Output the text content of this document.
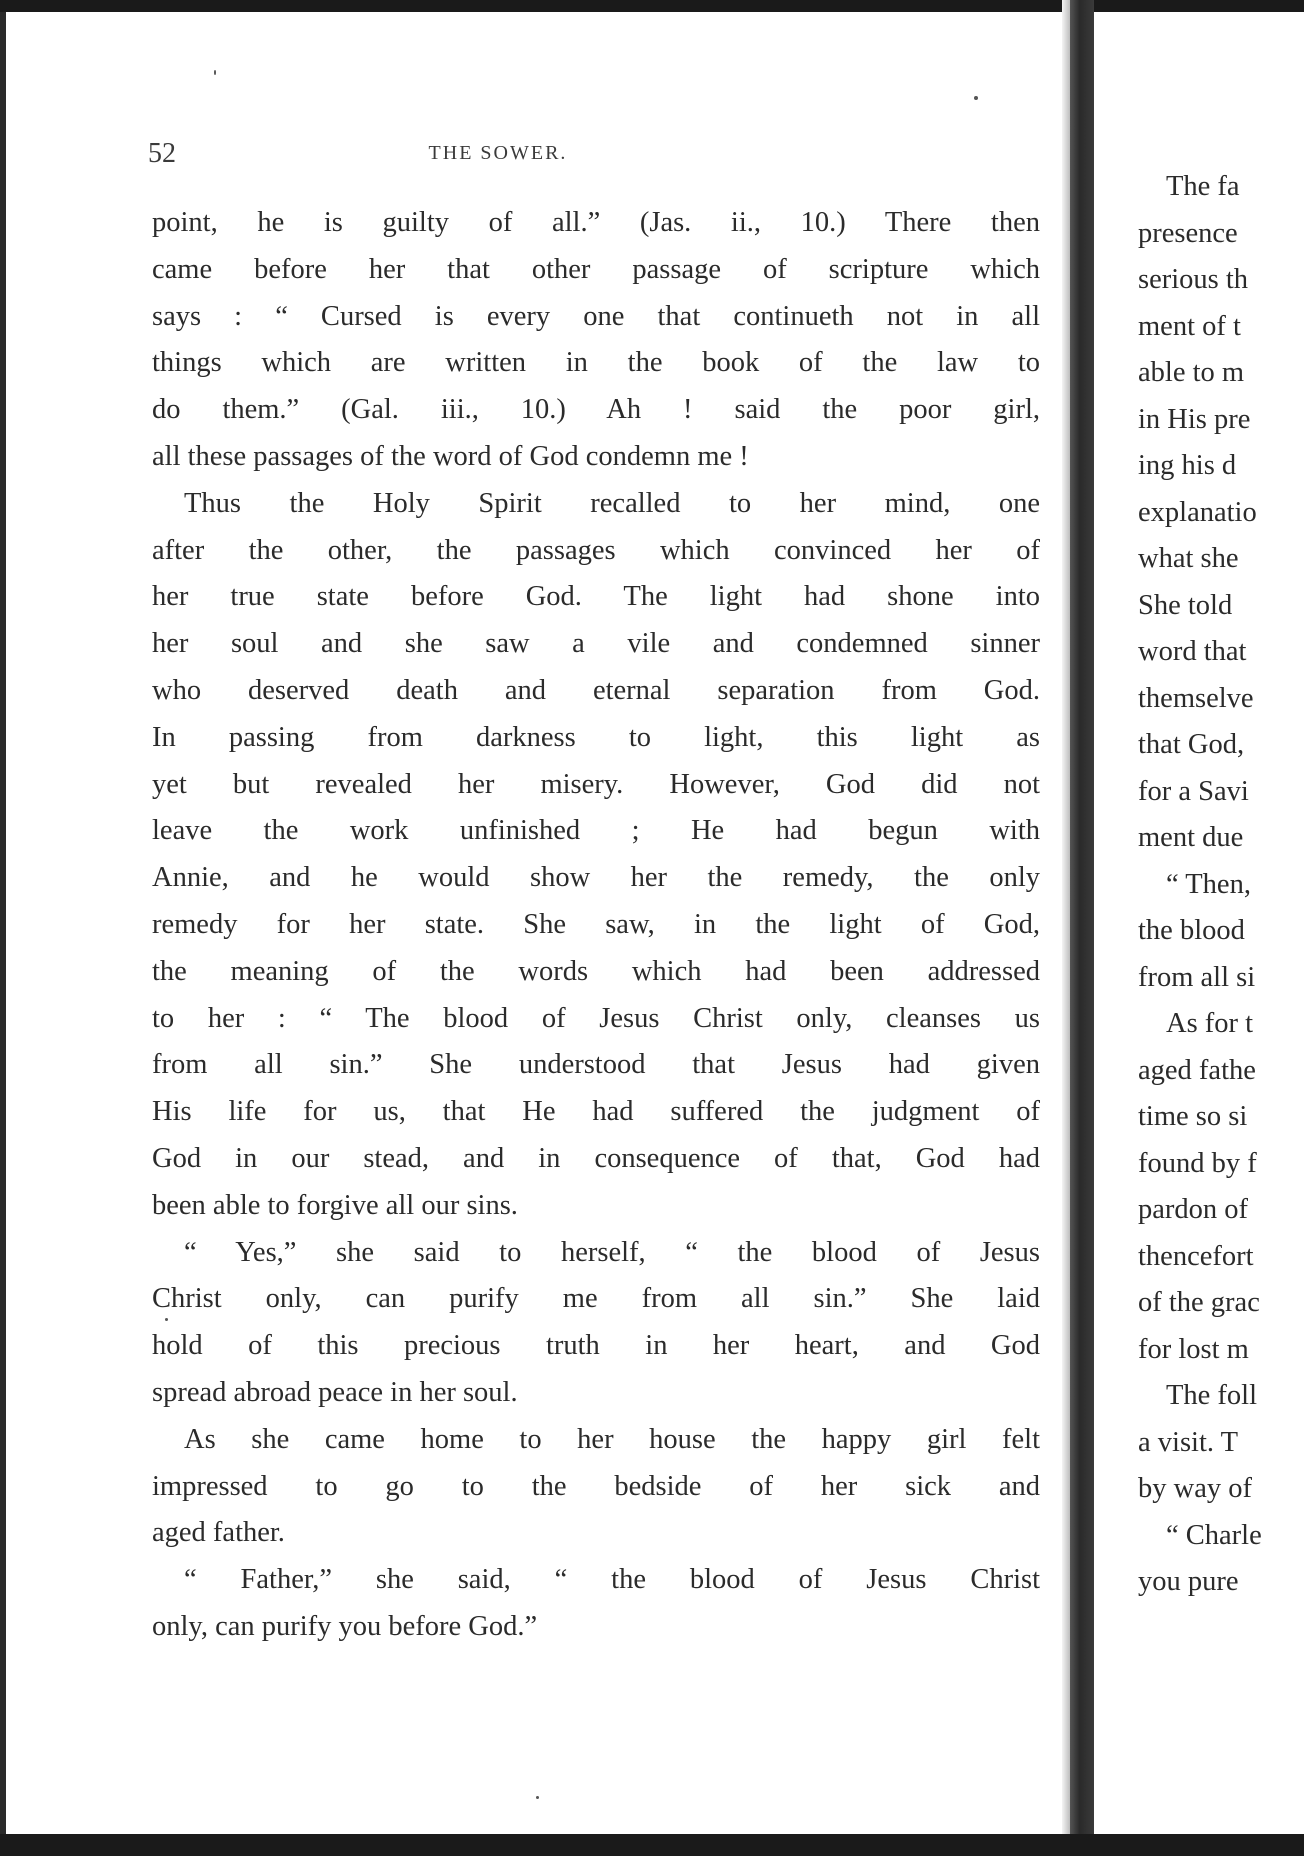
52	THE SOWER.
point, he is guilty of all.” (Jas. ii., 10.) There then
came before her that other passage of scripture which
says : “ Cursed is every one that continueth not in all
things which are written in the book of the law to
do them.” (Gal. iii., 10.) Ah ! said the poor girl,
all these passages of the word of God condemn me !
Thus the Holy Spirit recalled to her mind, one
after the other, the passages which convinced her of
her true state before God. The light had shone into
her soul and she saw a vile and condemned sinner
who deserved death and eternal separation from God.
In passing from darkness to light, this light as
yet but revealed her misery. However, God did not
leave the work unfinished ; He had begun with
Annie, and he would show her the remedy, the only
remedy for her state. She saw, in the light of God,
the meaning of the words which had been addressed
to her : “ The blood of Jesus Christ only, cleanses us
from all sin.” She understood that Jesus had given
His life for us, that He had suffered the judgment of
God in our stead, and in consequence of that, God had
been able to forgive all our sins.
“ Yes,” she said to herself, “ the blood of Jesus
Christ only, can purify me from all sin.” She laid
hold of this precious truth in her heart, and God
spread abroad peace in her soul.
As she came home to her house the happy girl felt
impressed to go to the bedside of her sick and
aged father.
“ Father,” she said, “ the blood of Jesus Christ
only, can purify you before God.”
The fa
presence
serious th
ment of t
able to m
in His pre
ing his d
explanatio
what she
She told
word that
themselve
that God,
for a Savi
ment due
“ Then,
the blood
from all si
As for t
aged fathe
time so si
found by f
pardon of
thencefort
of the grac
for lost m
The foll
a visit. T
by way of
“ Charle
you pure
